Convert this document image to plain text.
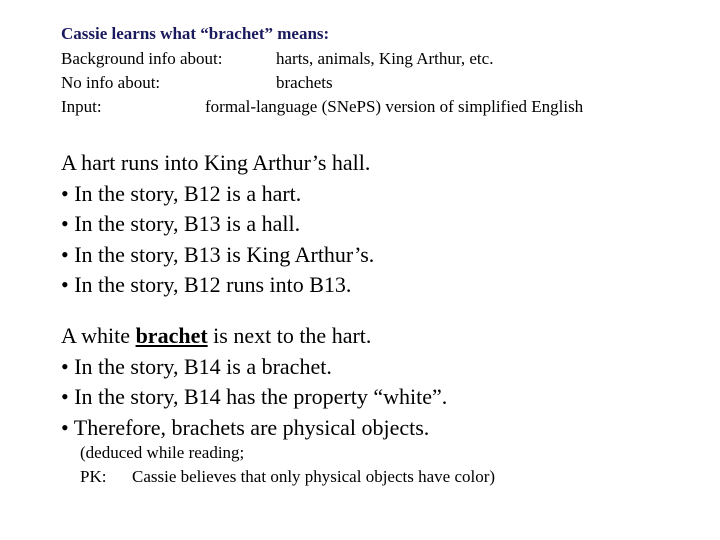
Cassie learns what “brachet” means:
Background info about:	harts, animals, King Arthur, etc.
No info about:	brachets
Input:	formal-language (SNePS) version of simplified English
A hart runs into King Arthur’s hall.
• In the story, B12 is a hart.
• In the story, B13 is a hall.
• In the story, B13 is King Arthur’s.
• In the story, B12 runs into B13.
A white brachet is next to the hart.
• In the story, B14 is a brachet.
• In the story, B14 has the property “white”.
• Therefore, brachets are physical objects.
(deduced while reading;
PK: Cassie believes that only physical objects have color)
